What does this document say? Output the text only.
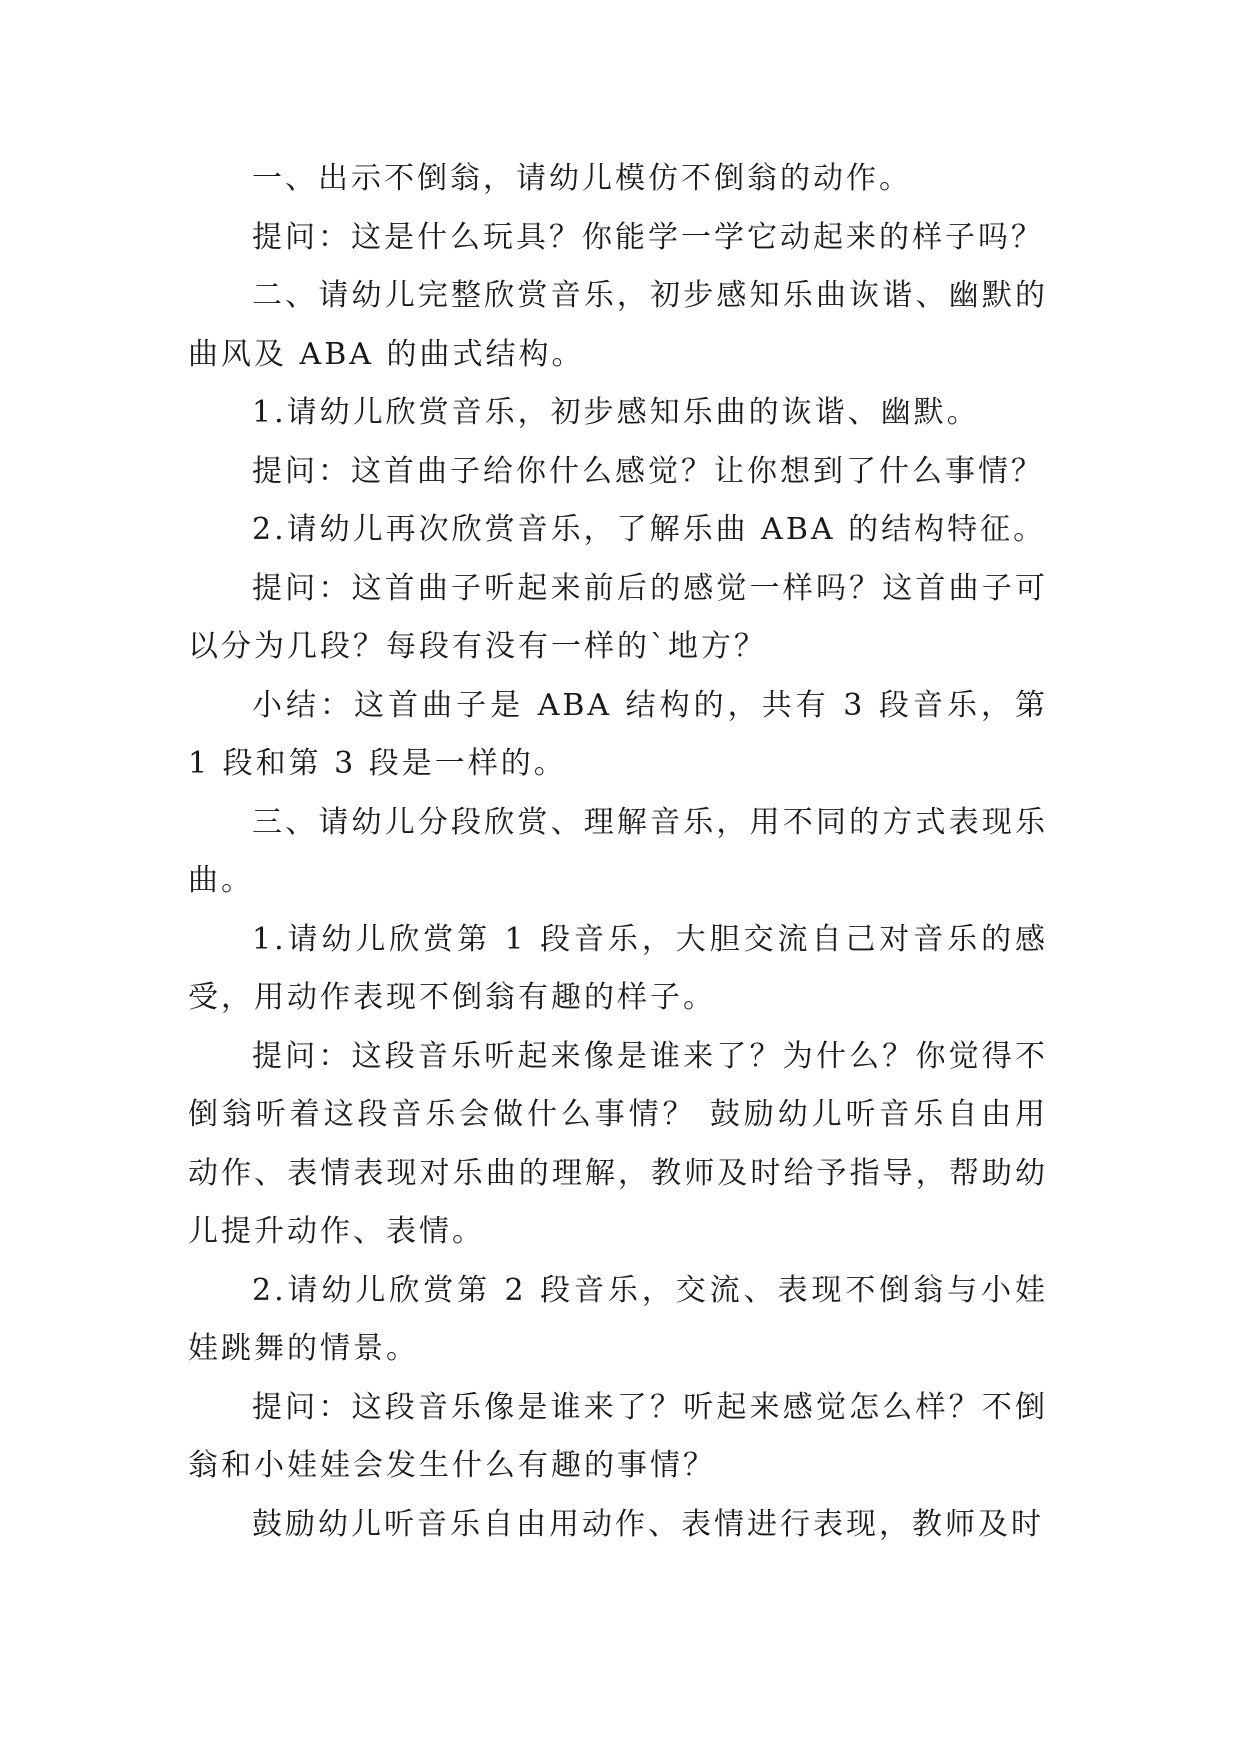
一、出示不倒翁，请幼儿模仿不倒翁的动作。

提问：这是什么玩具？你能学一学它动起来的样子吗？

二、请幼儿完整欣赏音乐，初步感知乐曲诙谐、幽默的曲风及 ABA 的曲式结构。

1.请幼儿欣赏音乐，初步感知乐曲的诙谐、幽默。

提问：这首曲子给你什么感觉？让你想到了什么事情？

2.请幼儿再次欣赏音乐，了解乐曲 ABA 的结构特征。

提问：这首曲子听起来前后的感觉一样吗？这首曲子可以分为几段？每段有没有一样的`地方？

小结：这首曲子是 ABA 结构的，共有 3 段音乐，第 1 段和第 3 段是一样的。

三、请幼儿分段欣赏、理解音乐，用不同的方式表现乐曲。

1.请幼儿欣赏第 1 段音乐，大胆交流自己对音乐的感受，用动作表现不倒翁有趣的样子。

提问：这段音乐听起来像是谁来了？为什么？你觉得不倒翁听着这段音乐会做什么事情？ 鼓励幼儿听音乐自由用动作、表情表现对乐曲的理解，教师及时给予指导，帮助幼儿提升动作、表情。

2.请幼儿欣赏第 2 段音乐，交流、表现不倒翁与小娃娃跳舞的情景。

提问：这段音乐像是谁来了？听起来感觉怎么样？不倒翁和小娃娃会发生什么有趣的事情？

鼓励幼儿听音乐自由用动作、表情进行表现，教师及时
